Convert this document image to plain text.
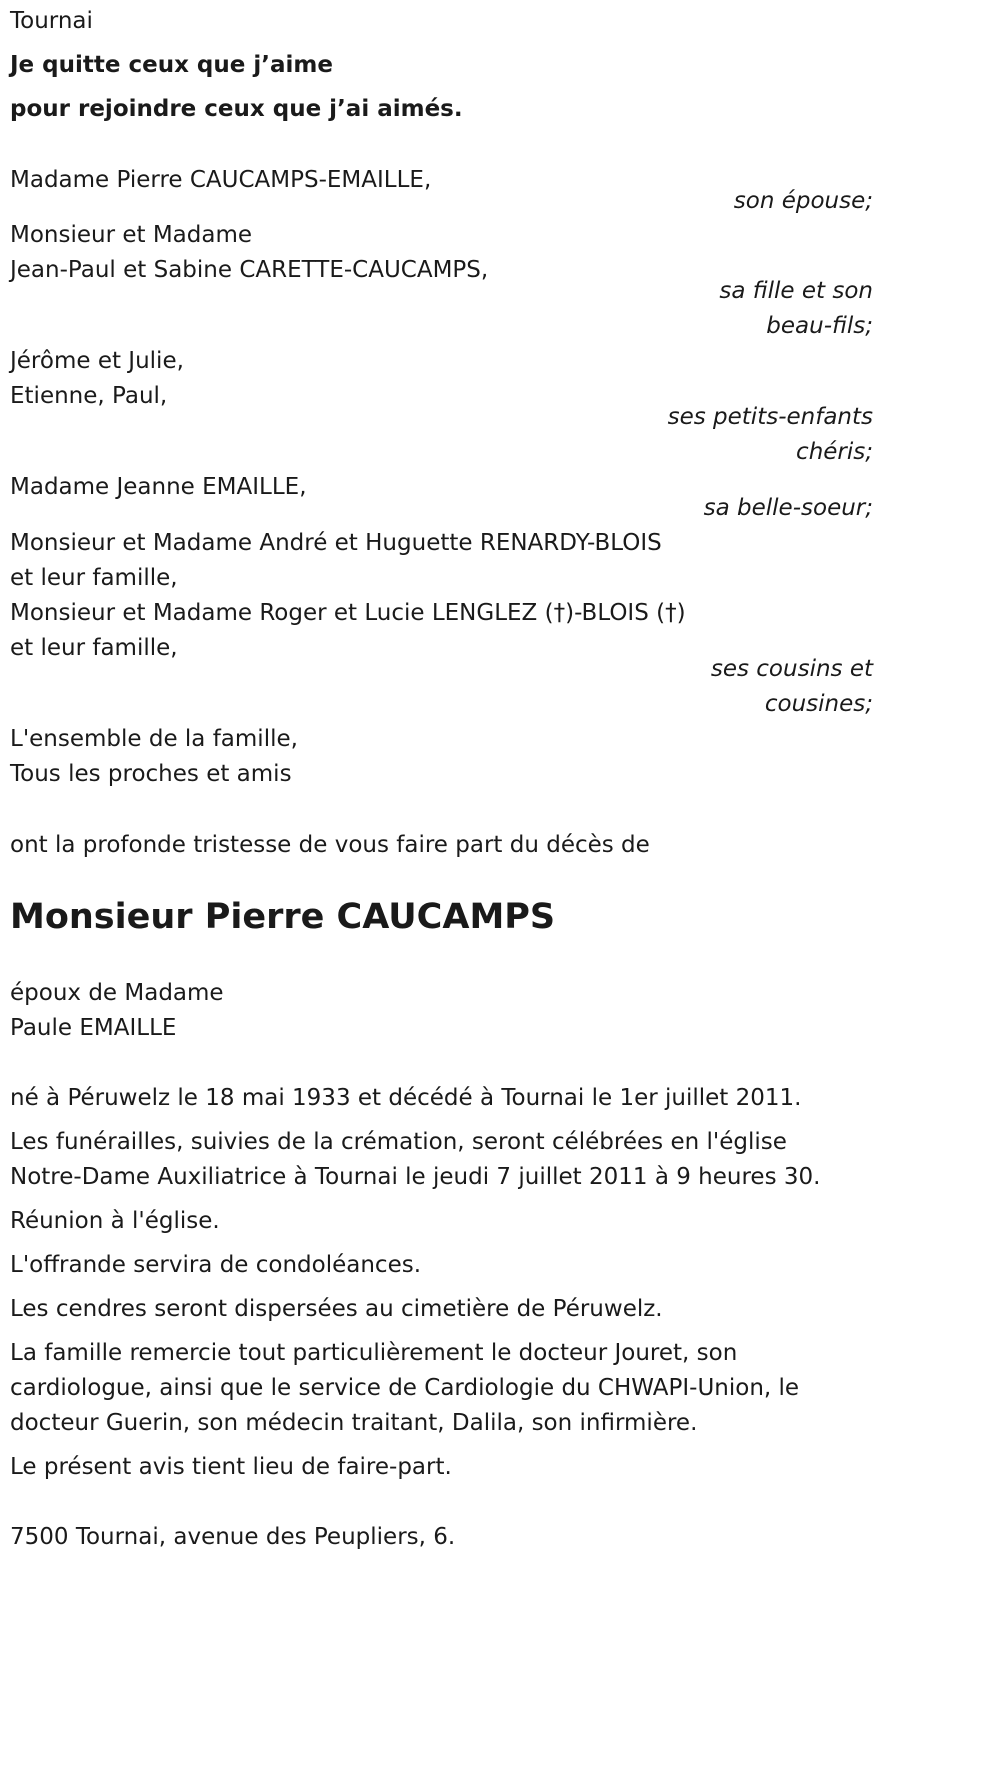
Tournai
Je quitte ceux que j’aime
pour rejoindre ceux que j’ai aimés.
Madame Pierre CAUCAMPS-EMAILLE,
son épouse;
Monsieur et Madame
Jean-Paul et Sabine CARETTE-CAUCAMPS,
sa fille et son
beau-fils;
Jérôme et Julie,
Etienne, Paul,
ses petits-enfants
chéris;
Madame Jeanne EMAILLE,
sa belle-soeur;
Monsieur et Madame André et Huguette RENARDY-BLOIS
et leur famille,
Monsieur et Madame Roger et Lucie LENGLEZ (†)-BLOIS (†)
et leur famille,
ses cousins et
cousines;
L'ensemble de la famille,
Tous les proches et amis
ont la profonde tristesse de vous faire part du décès de
Monsieur Pierre CAUCAMPS
époux de Madame
Paule EMAILLE
né à Péruwelz le 18 mai 1933 et décédé à Tournai le 1er juillet 2011.
Les funérailles, suivies de la crémation, seront célébrées en l'église
Notre-Dame Auxiliatrice à Tournai le jeudi 7 juillet 2011 à 9 heures 30.
Réunion à l'église.
L'offrande servira de condoléances.
Les cendres seront dispersées au cimetière de Péruwelz.
La famille remercie tout particulièrement le docteur Jouret, son
cardiologue, ainsi que le service de Cardiologie du CHWAPI-Union, le
docteur Guerin, son médecin traitant, Dalila, son infirmière.
Le présent avis tient lieu de faire-part.
7500 Tournai, avenue des Peupliers, 6.
